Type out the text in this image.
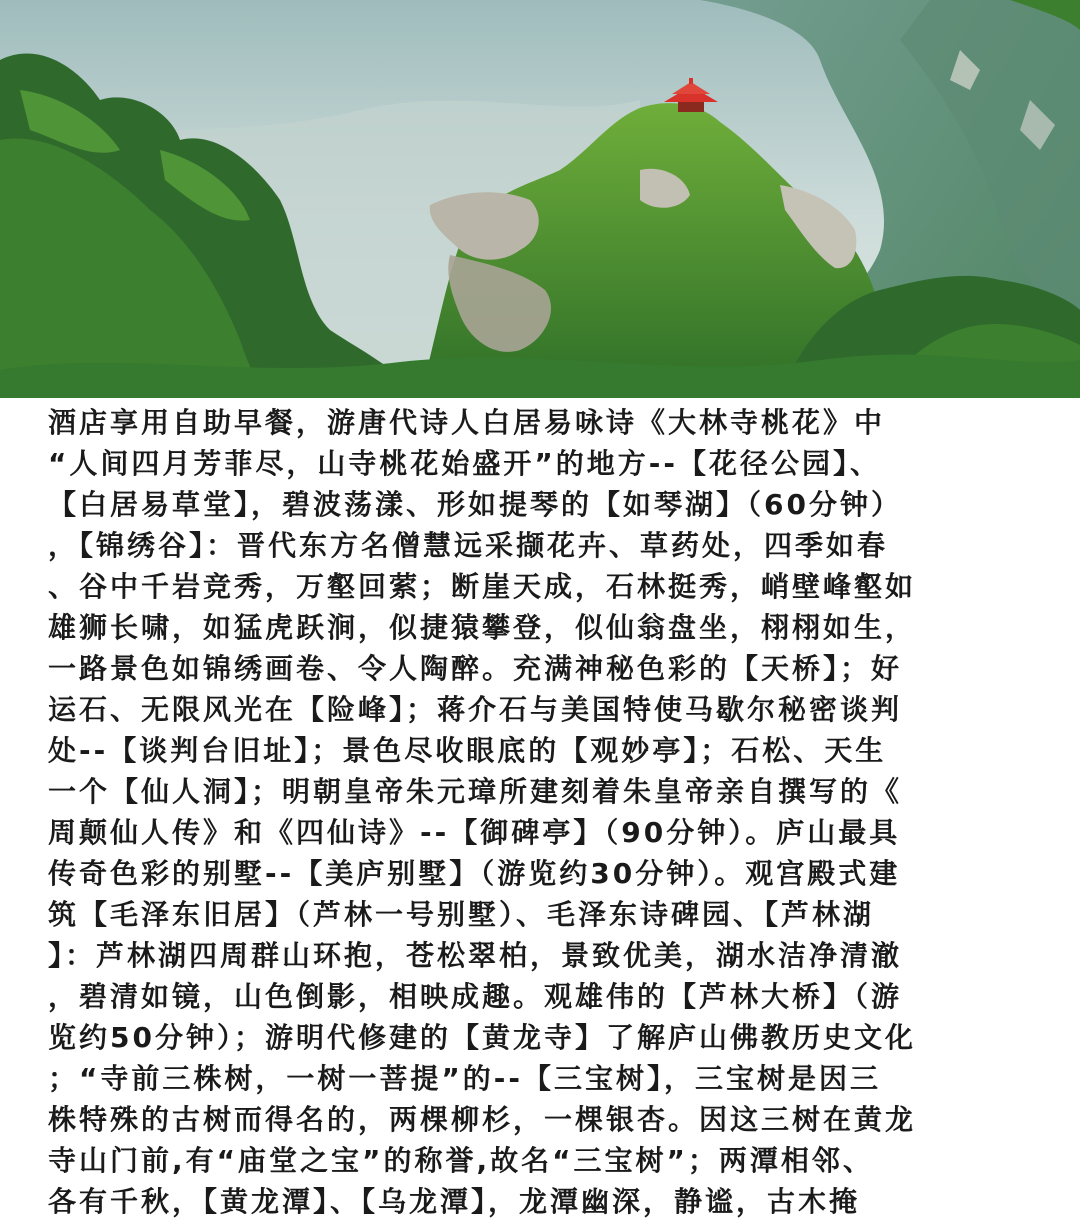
酒店享用自助早餐，游唐代诗人白居易咏诗《大林寺桃花》中
“人间四月芳菲尽，山寺桃花始盛开”的地方--【花径公园】、
【白居易草堂】，碧波荡漾、形如提琴的【如琴湖】（60分钟）
，【锦绣谷】：晋代东方名僧慧远采撷花卉、草药处，四季如春
、谷中千岩竞秀，万壑回萦；断崖天成，石林挺秀，峭壁峰壑如
雄狮长啸，如猛虎跃涧，似捷猿攀登，似仙翁盘坐，栩栩如生，
一路景色如锦绣画卷、令人陶醉。充满神秘色彩的【天桥】；好
运石、无限风光在【险峰】；蒋介石与美国特使马歇尔秘密谈判
处--【谈判台旧址】；景色尽收眼底的【观妙亭】；石松、天生
一个【仙人洞】；明朝皇帝朱元璋所建刻着朱皇帝亲自撰写的《
周颠仙人传》和《四仙诗》--【御碑亭】（90分钟）。庐山最具
传奇色彩的别墅--【美庐别墅】（游览约30分钟）。观宫殿式建
筑【毛泽东旧居】（芦林一号别墅）、毛泽东诗碑园、【芦林湖
】：芦林湖四周群山环抱，苍松翠柏，景致优美，湖水洁净清澈
，碧清如镜，山色倒影，相映成趣。观雄伟的【芦林大桥】（游
览约50分钟）；游明代修建的【黄龙寺】了解庐山佛教历史文化
；“寺前三株树，一树一菩提”的--【三宝树】，三宝树是因三
株特殊的古树而得名的，两棵柳杉，一棵银杏。因这三树在黄龙
寺山门前,有“庙堂之宝”的称誉,故名“三宝树”；两潭相邻、
各有千秋，【黄龙潭】、【乌龙潭】，龙潭幽深，静谧，古木掩
